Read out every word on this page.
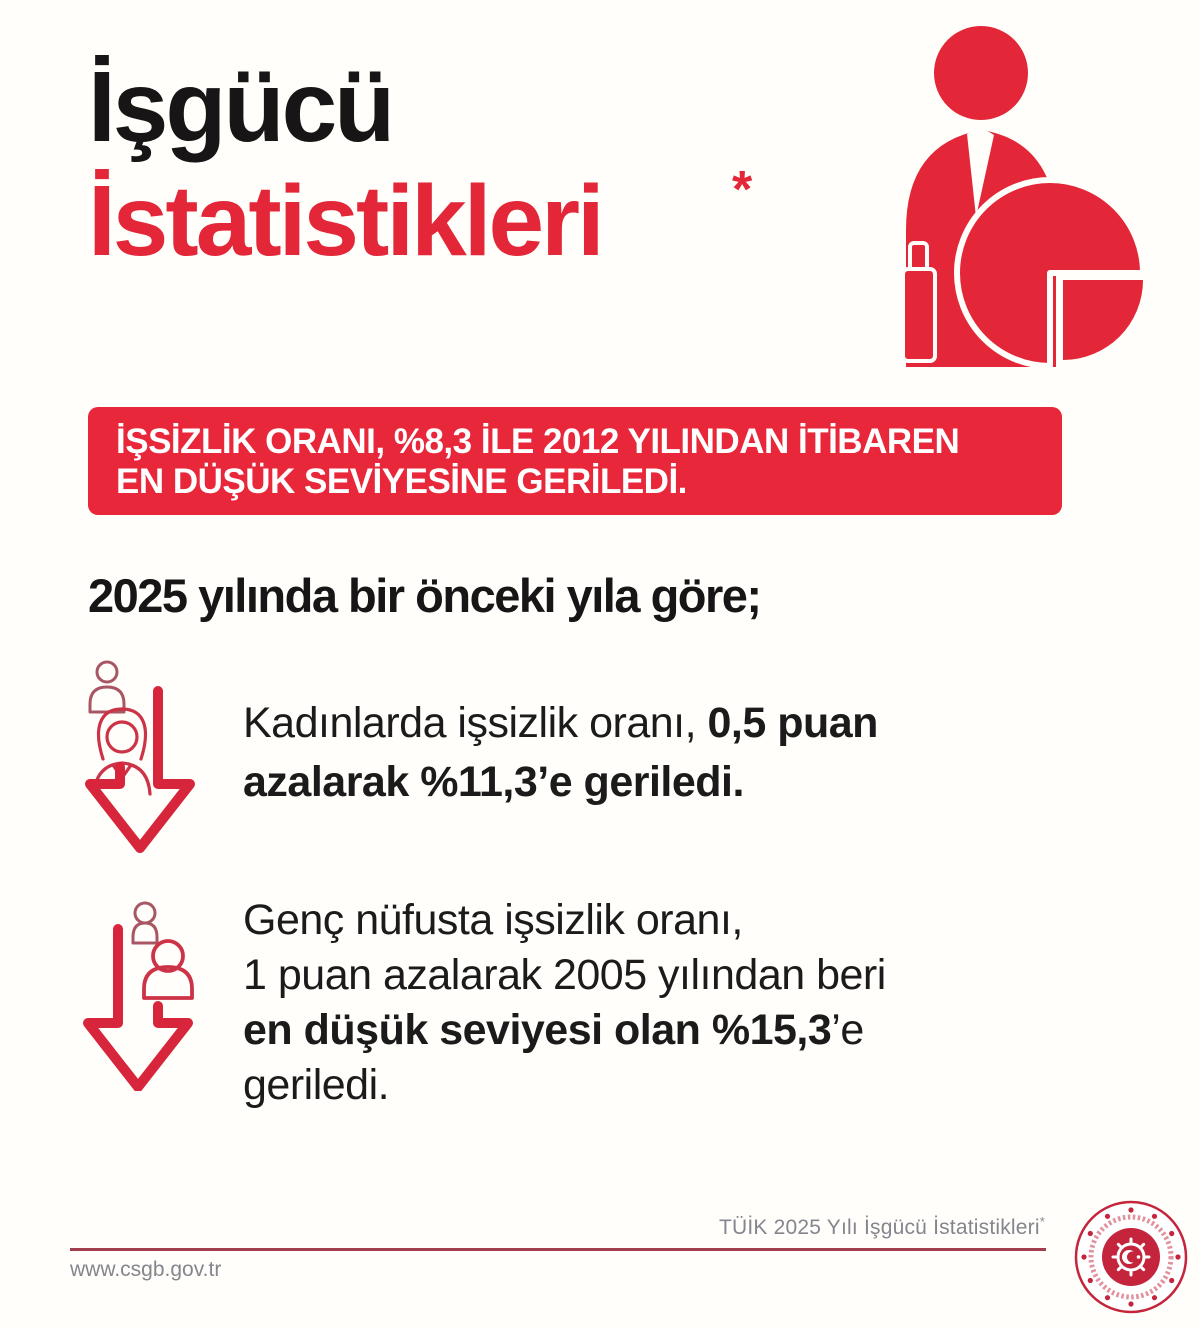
İşgücü
İstatistikleri	*
İŞSİZLİK ORANI, %8,3 İLE 2012 YILINDAN İTİBAREN
EN DÜŞÜK SEVİYESİNE GERİLEDİ.
2025 yılında bir önceki yıla göre;
Kadınlarda işsizlik oranı, 0,5 puan
azalarak %11,3’e geriledi.
Genç nüfusta işsizlik oranı,
1 puan azalarak 2005 yılından beri
en düşük seviyesi olan %15,3’e
geriledi.
TÜİK 2025 Yılı İşgücü İstatistikleri*
www.csgb.gov.tr
